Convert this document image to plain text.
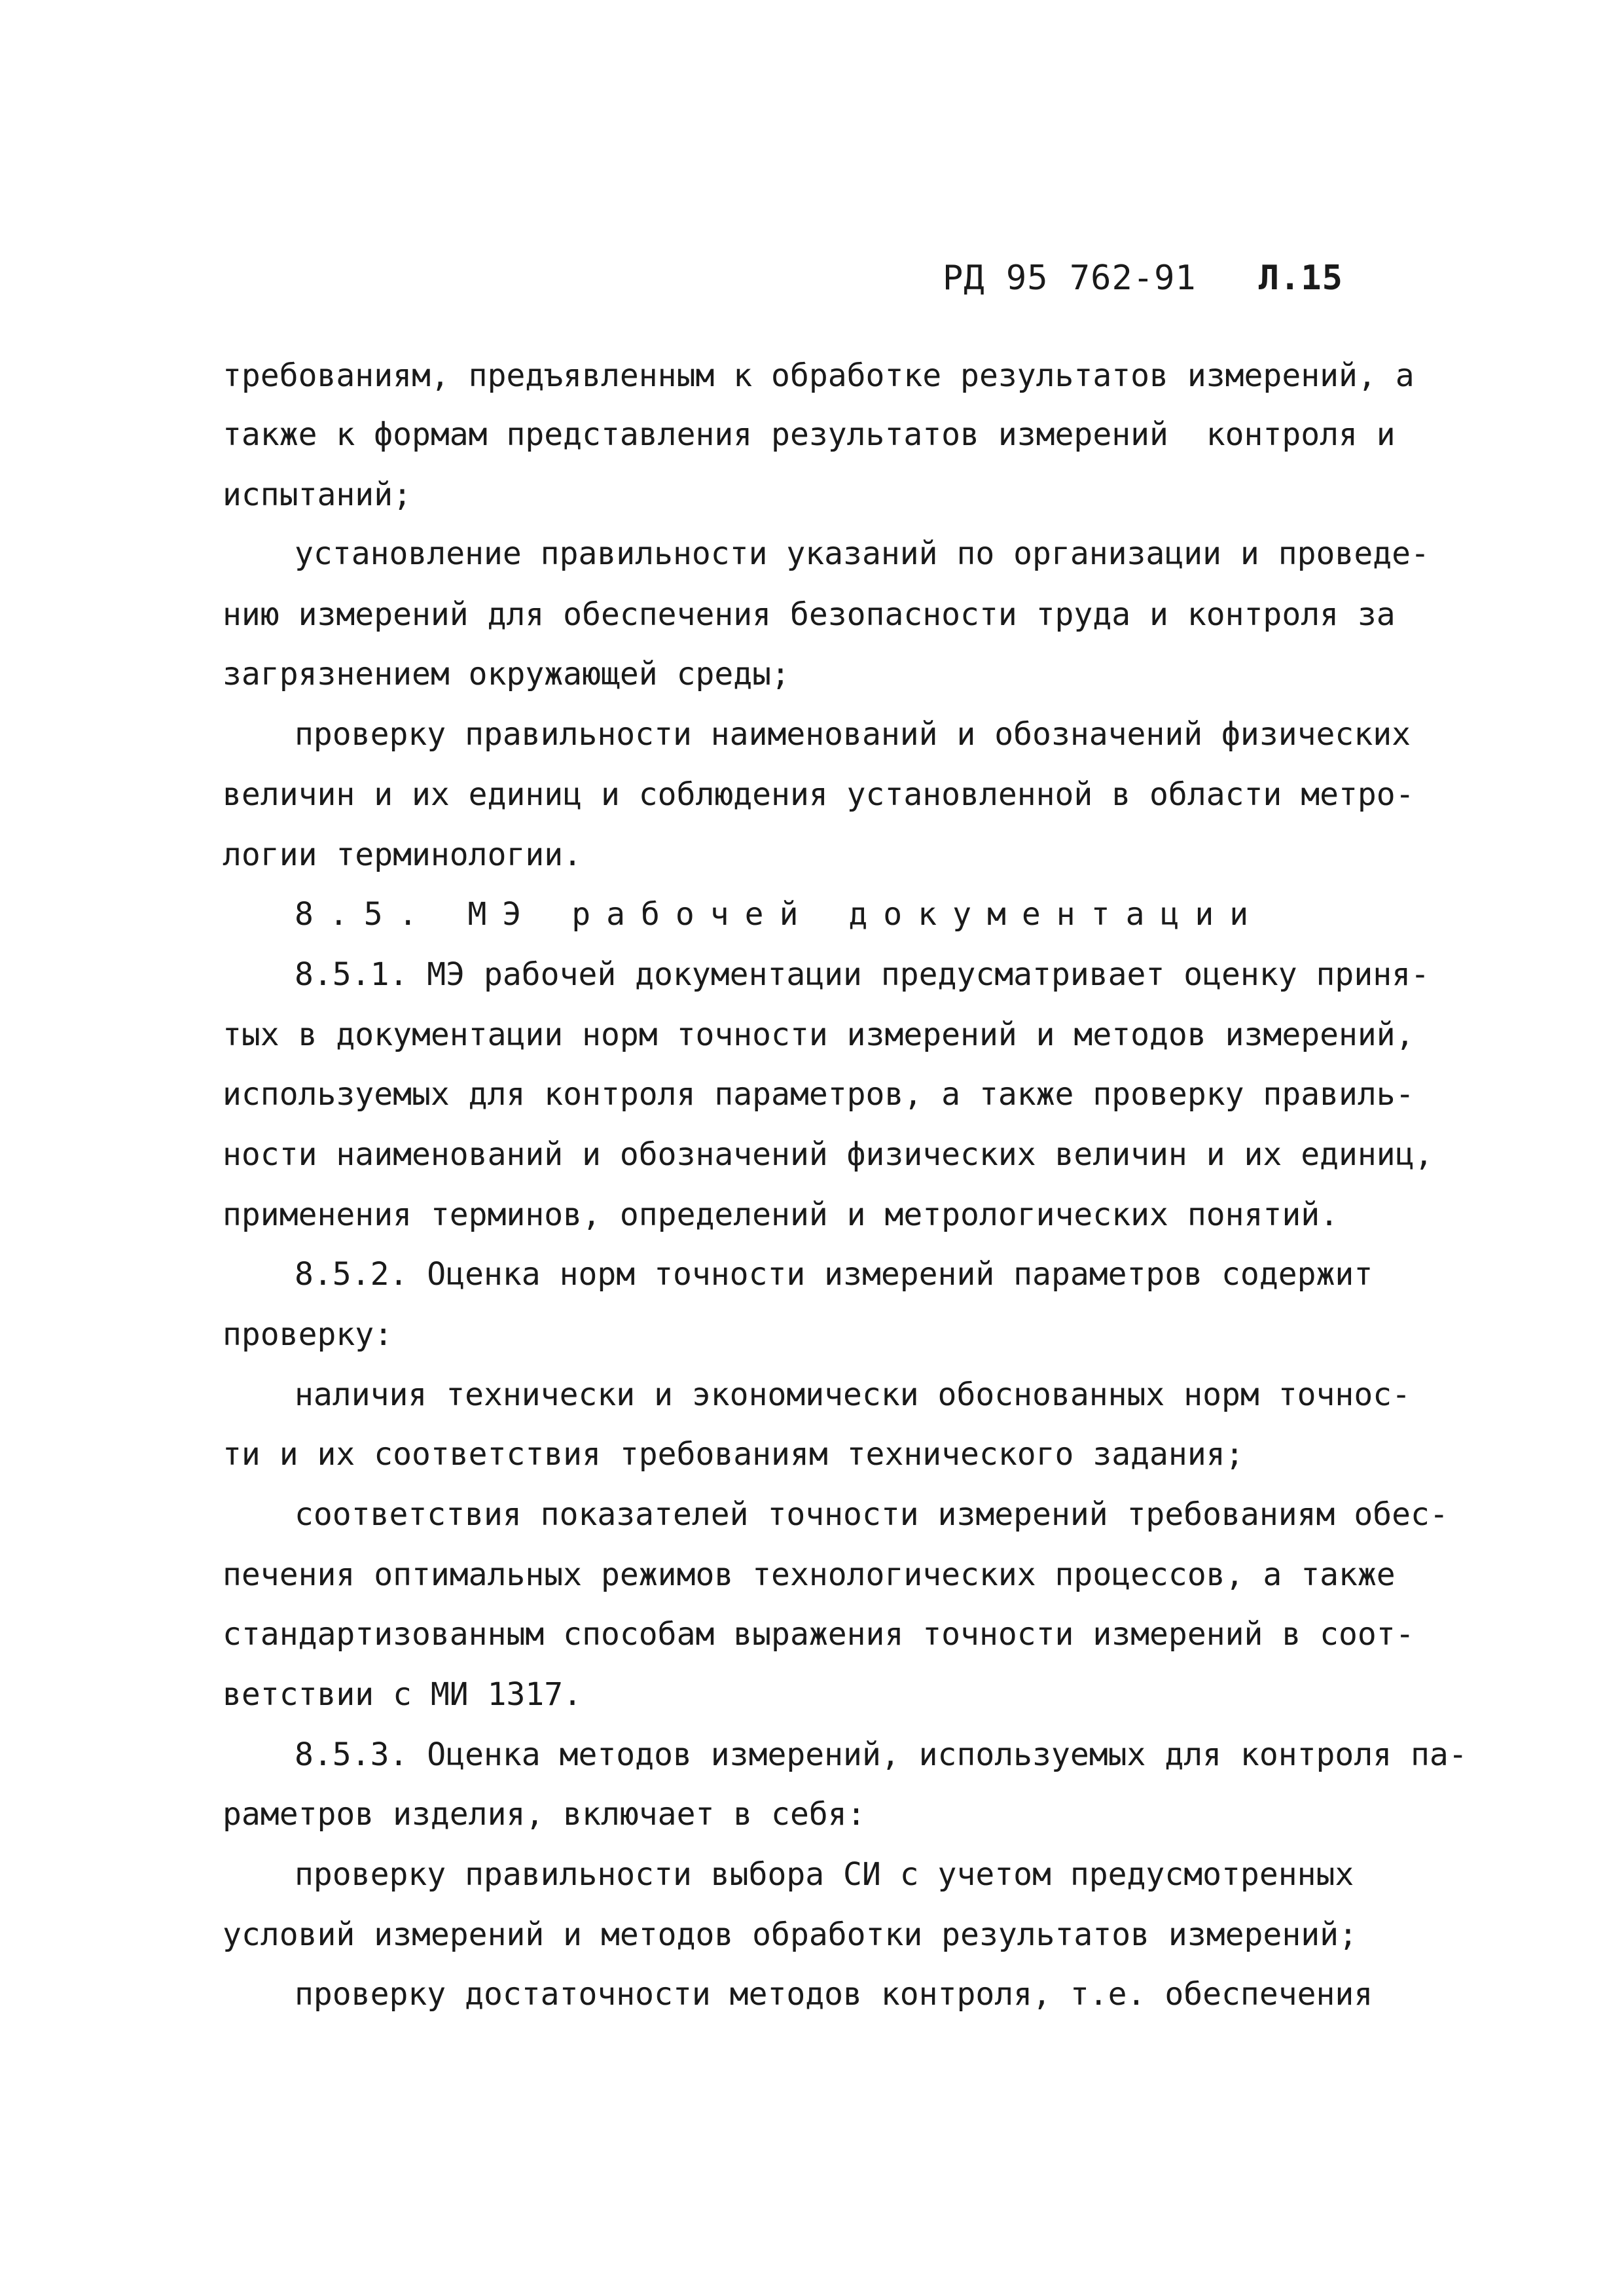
РД 95 762-91 Л.15
требованиям, предъявленным к обработке результатов измерений, а
также к формам представления результатов измерений  контроля и
испытаний;
установление правильности указаний по организации и проведе-
нию измерений для обеспечения безопасности труда и контроля за
загрязнением окружающей среды;
проверку правильности наименований и обозначений физических
величин и их единиц и соблюдения установленной в области метро-
логии терминологии.
8.5. МЭ рабочей документации
8.5.1. МЭ рабочей документации предусматривает оценку приня-
тых в документации норм точности измерений и методов измерений,
используемых для контроля параметров, а также проверку правиль-
ности наименований и обозначений физических величин и их единиц,
применения терминов, определений и метрологических понятий.
8.5.2. Оценка норм точности измерений параметров содержит
проверку:
наличия технически и экономически обоснованных норм точнос-
ти и их соответствия требованиям технического задания;
соответствия показателей точности измерений требованиям обес-
печения оптимальных режимов технологических процессов, а также
стандартизованным способам выражения точности измерений в соот-
ветствии с МИ 1317.
8.5.3. Оценка методов измерений, используемых для контроля па-
раметров изделия, включает в себя:
проверку правильности выбора СИ с учетом предусмотренных
условий измерений и методов обработки результатов измерений;
проверку достаточности методов контроля, т.е. обеспечения
